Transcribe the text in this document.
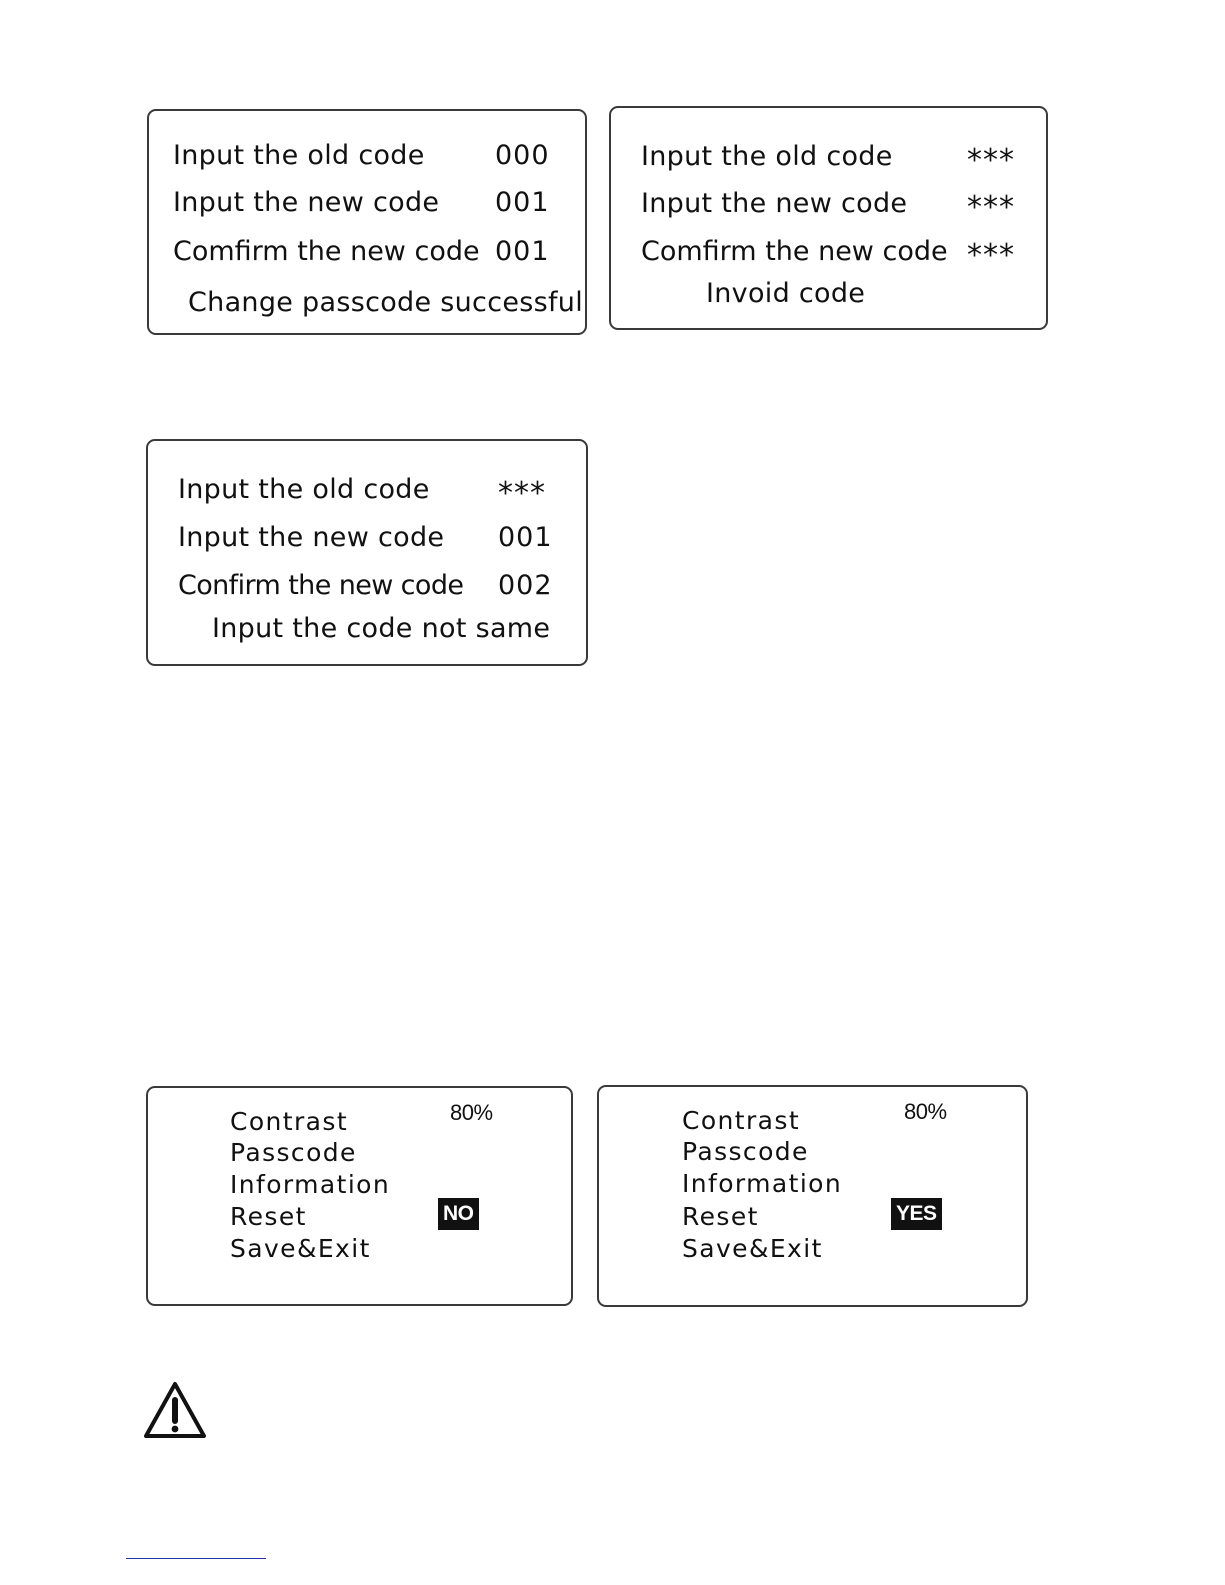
Input the old code	000
Input the new code 001
Comfirm the new code 001
Change passcode successful
Input the old code ***
Input the new code ***
Comfirm the new code ***
Invoid code
Input the old code ***
Input the new code 001
Confirm the new code 002
Input the code not same
Contrast	80%
Passcode
Information
Reset	NO
Save&Exit
Contrast	80%
Passcode
Information
Reset	YES
Save&Exit
